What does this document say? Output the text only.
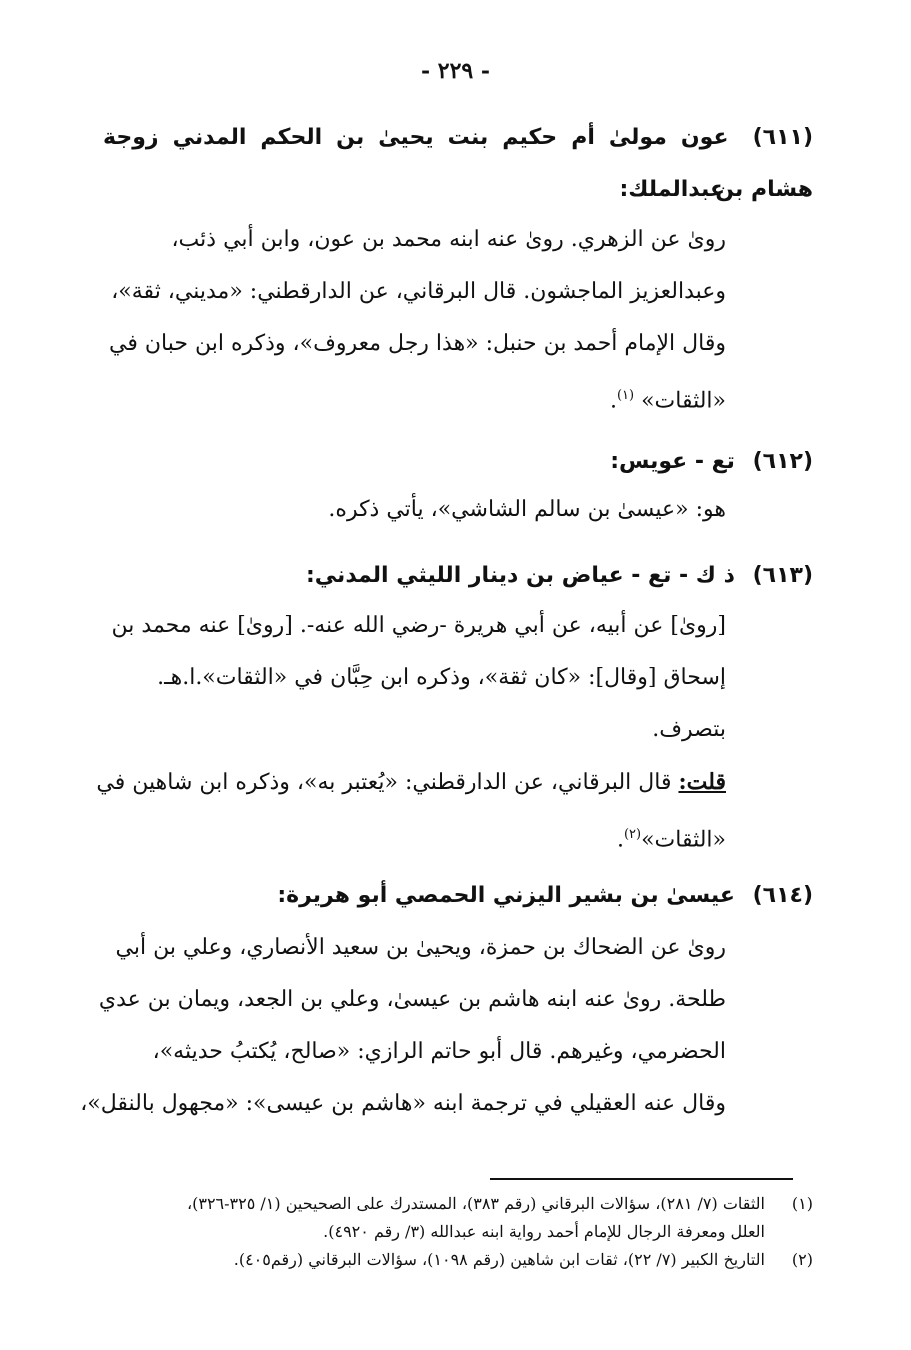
- ٢٢٩ -
(٦١١) عون مولىٰ أم حكيم بنت يحيىٰ بن الحكم المدني زوجة هشام بن
عبدالملك:
روىٰ عن الزهري. روىٰ عنه ابنه محمد بن عون، وابن أبي ذئب،
وعبدالعزيز الماجشون. قال البرقاني، عن الدارقطني: «مديني، ثقة»،
وقال الإمام أحمد بن حنبل: «هذا رجل معروف»، وذكره ابن حبان في
«الثقات» $^{(١)}$.
(٦١٢) تع - عويس:
هو: «عيسىٰ بن سالم الشاشي»، يأتي ذكره.
(٦١٣) ذ ك - تع - عياض بن دينار الليثي المدني:
[روىٰ] عن أبيه، عن أبي هريرة -رضي الله عنه-. [روىٰ] عنه محمد بن
إسحاق [وقال]: «كان ثقة»، وذكره ابن حِبَّان في «الثقات».ا.هـ.
بتصرف.
قلت: قال البرقاني، عن الدارقطني: «يُعتبر به»، وذكره ابن شاهين في
«الثقات»$^{(٢)}$.
(٦١٤) عيسىٰ بن بشير اليزني الحمصي أبو هريرة:
روىٰ عن الضحاك بن حمزة، ويحيىٰ بن سعيد الأنصاري، وعلي بن أبي
طلحة. روىٰ عنه ابنه هاشم بن عيسىٰ، وعلي بن الجعد، ويمان بن عدي
الحضرمي، وغيرهم. قال أبو حاتم الرازي: «صالح، يُكتبُ حديثه»،
وقال عنه العقيلي في ترجمة ابنه «هاشم بن عيسى»: «مجهول بالنقل»،
(١)الثقات (٧/ ٢٨١)، سؤالات البرقاني (رقم ٣٨٣)، المستدرك على الصحيحين (١/ ٣٢٥-٣٢٦)،
العلل ومعرفة الرجال للإمام أحمد رواية ابنه عبدالله (٣/ رقم ٤٩٢٠).
(٢)التاريخ الكبير (٧/ ٢٢)، ثقات ابن شاهين (رقم ١٠٩٨)، سؤالات البرقاني (رقم٤٠٥).
